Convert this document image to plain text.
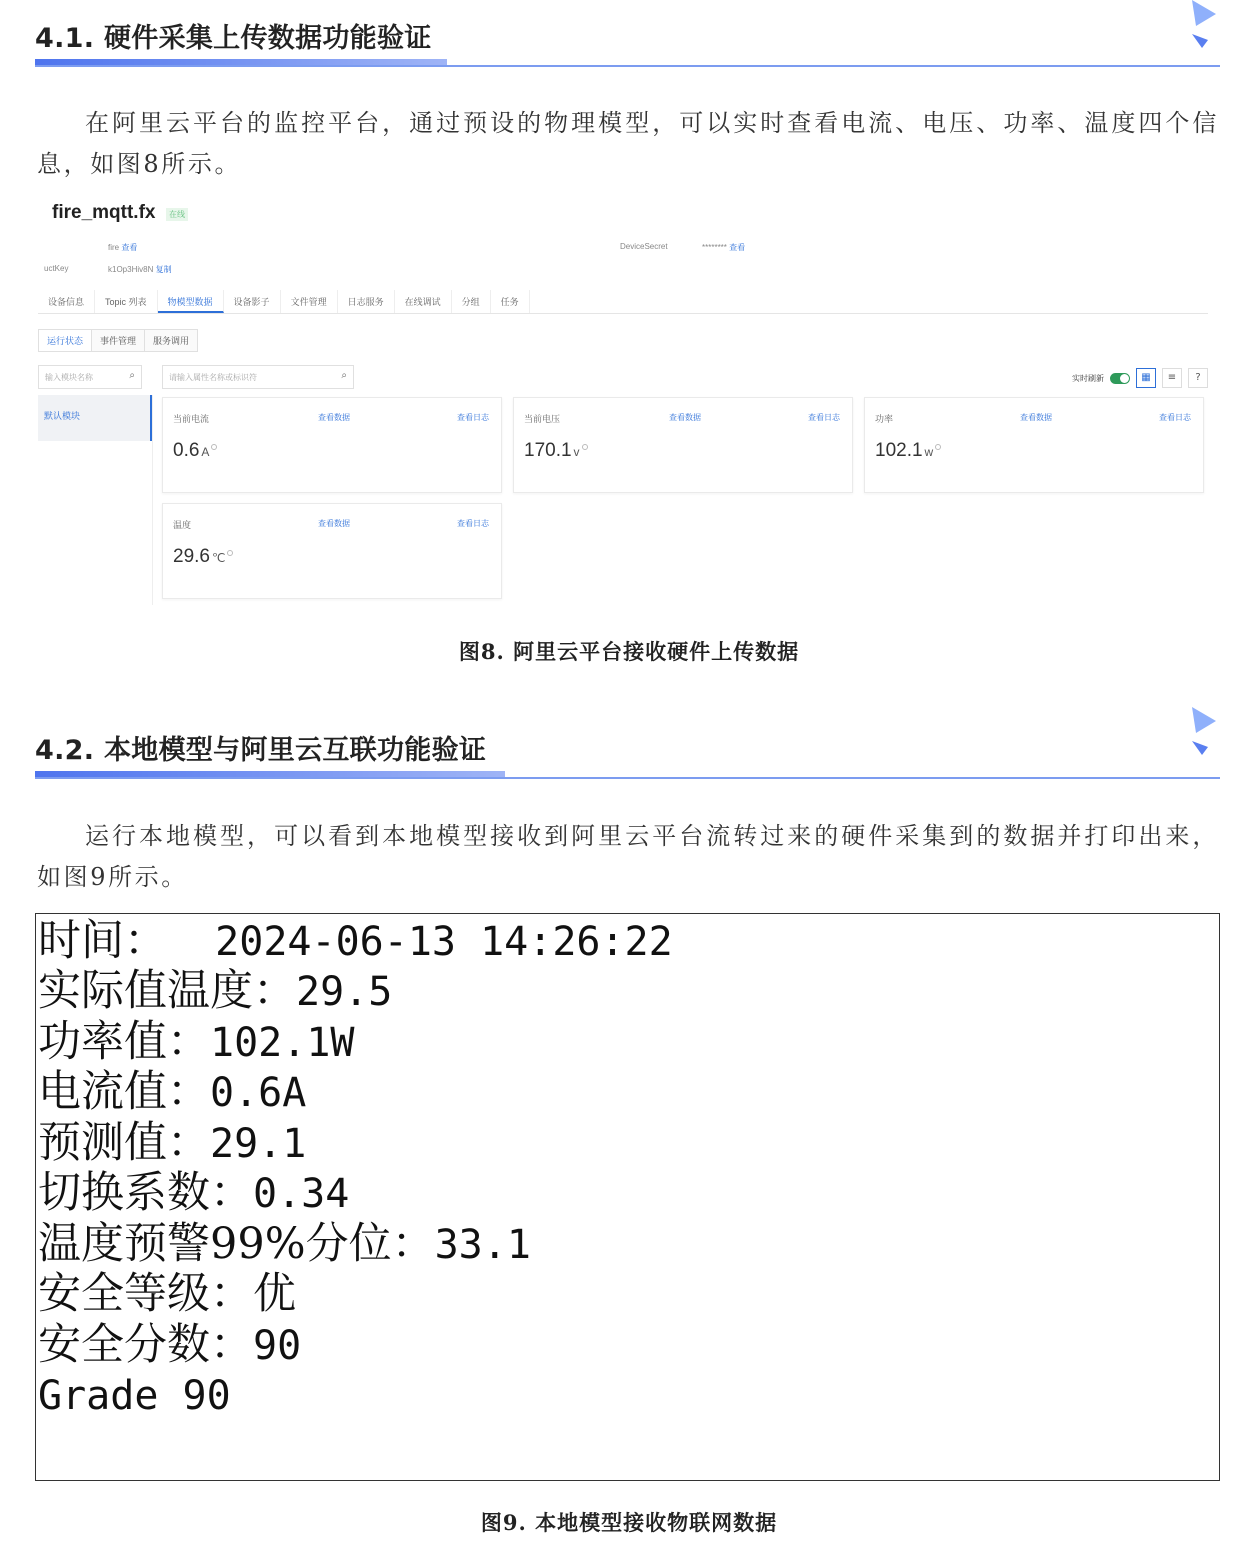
4.1. 硬件采集上传数据功能验证
在阿里云平台的监控平台，通过预设的物理模型，可以实时查看电流、电压、功率、温度四个信息，如图8所示。
fire_mqtt.fx	在线
fire 查看	DeviceSecret	******** 查看
uctKey	k1Op3Hiv8N 复制
设备信息	Topic 列表	物模型数据	设备影子	文件管理	日志服务	在线调试	分组	任务
运行状态	事件管理	服务调用
输入模块名称	⌕	请输入属性名称或标识符	⌕	实时刷新	▦	≡	?
默认模块	当前电流	查看数据	查看日志
0.6 A
当前电压	查看数据	查看日志
170.1 v
功率	查看数据	查看日志
102.1 w
温度	查看数据	查看日志
29.6 ℃
图8. 阿里云平台接收硬件上传数据
4.2. 本地模型与阿里云互联功能验证
运行本地模型，可以看到本地模型接收到阿里云平台流转过来的硬件采集到的数据并打印出来，如图9所示。
时间：  2024-06-13 14:26:22
实际值温度：29.5
功率值：102.1W
电流值：0.6A
预测值：29.1
切换系数：0.34
温度预警99%分位：33.1
安全等级：优
安全分数：90
Grade 90
图9. 本地模型接收物联网数据
